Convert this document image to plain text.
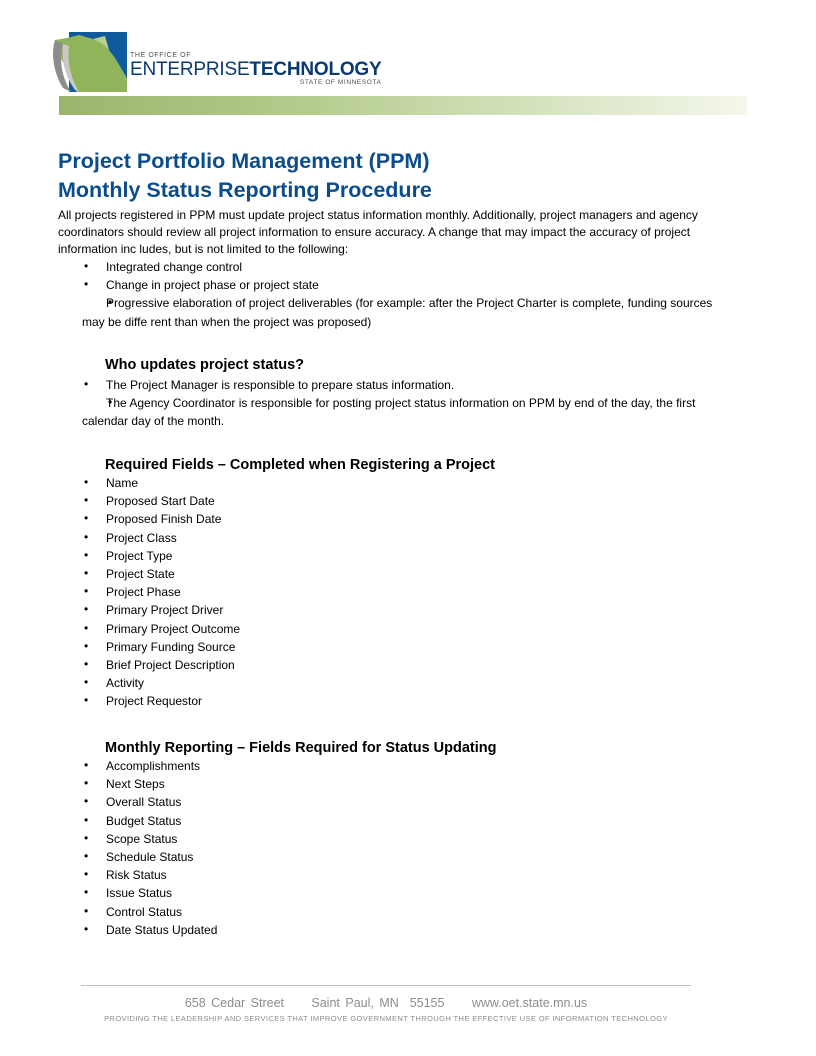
THE OFFICE OF
ENTERPRISETECHNOLOGY
STATE OF MINNESOTA
Project Portfolio Management (PPM)
Monthly Status Reporting Procedure
All projects registered in PPM must update project status information monthly. Additionally, project managers and agency coordinators should review all project information to ensure accuracy. A change that may impact the accuracy of project information inc ludes, but is not limited to the following:
• Integrated change control
• Change in project phase or project state
• Progressive elaboration of project deliverables (for example: after the Project Charter is complete, funding sources may be diffe rent than when the project was proposed)
Who updates project status?
• The Project Manager is responsible to prepare status information.
• The Agency Coordinator is responsible for posting project status information on PPM by end of the day, the first calendar day of the month.
Required Fields – Completed when Registering a Project
• Name
• Proposed Start Date
• Proposed Finish Date
• Project Class
• Project Type
• Project State
• Project Phase
• Primary Project Driver
• Primary Project Outcome
• Primary Funding Source
• Brief Project Description
• Activity
• Project Requestor
Monthly Reporting – Fields Required for Status Updating
• Accomplishments
• Next Steps
• Overall Status
• Budget Status
• Scope Status
• Schedule Status
• Risk Status
• Issue Status
• Control Status
• Date Status Updated
658 Cedar Street     Saint Paul, MN  55155     www.oet.state.mn.us
PROVIDING THE LEADERSHIP AND SERVICES THAT IMPROVE GOVERNMENT THROUGH THE EFFECTIVE USE OF INFORMATION TECHNOLOGY
